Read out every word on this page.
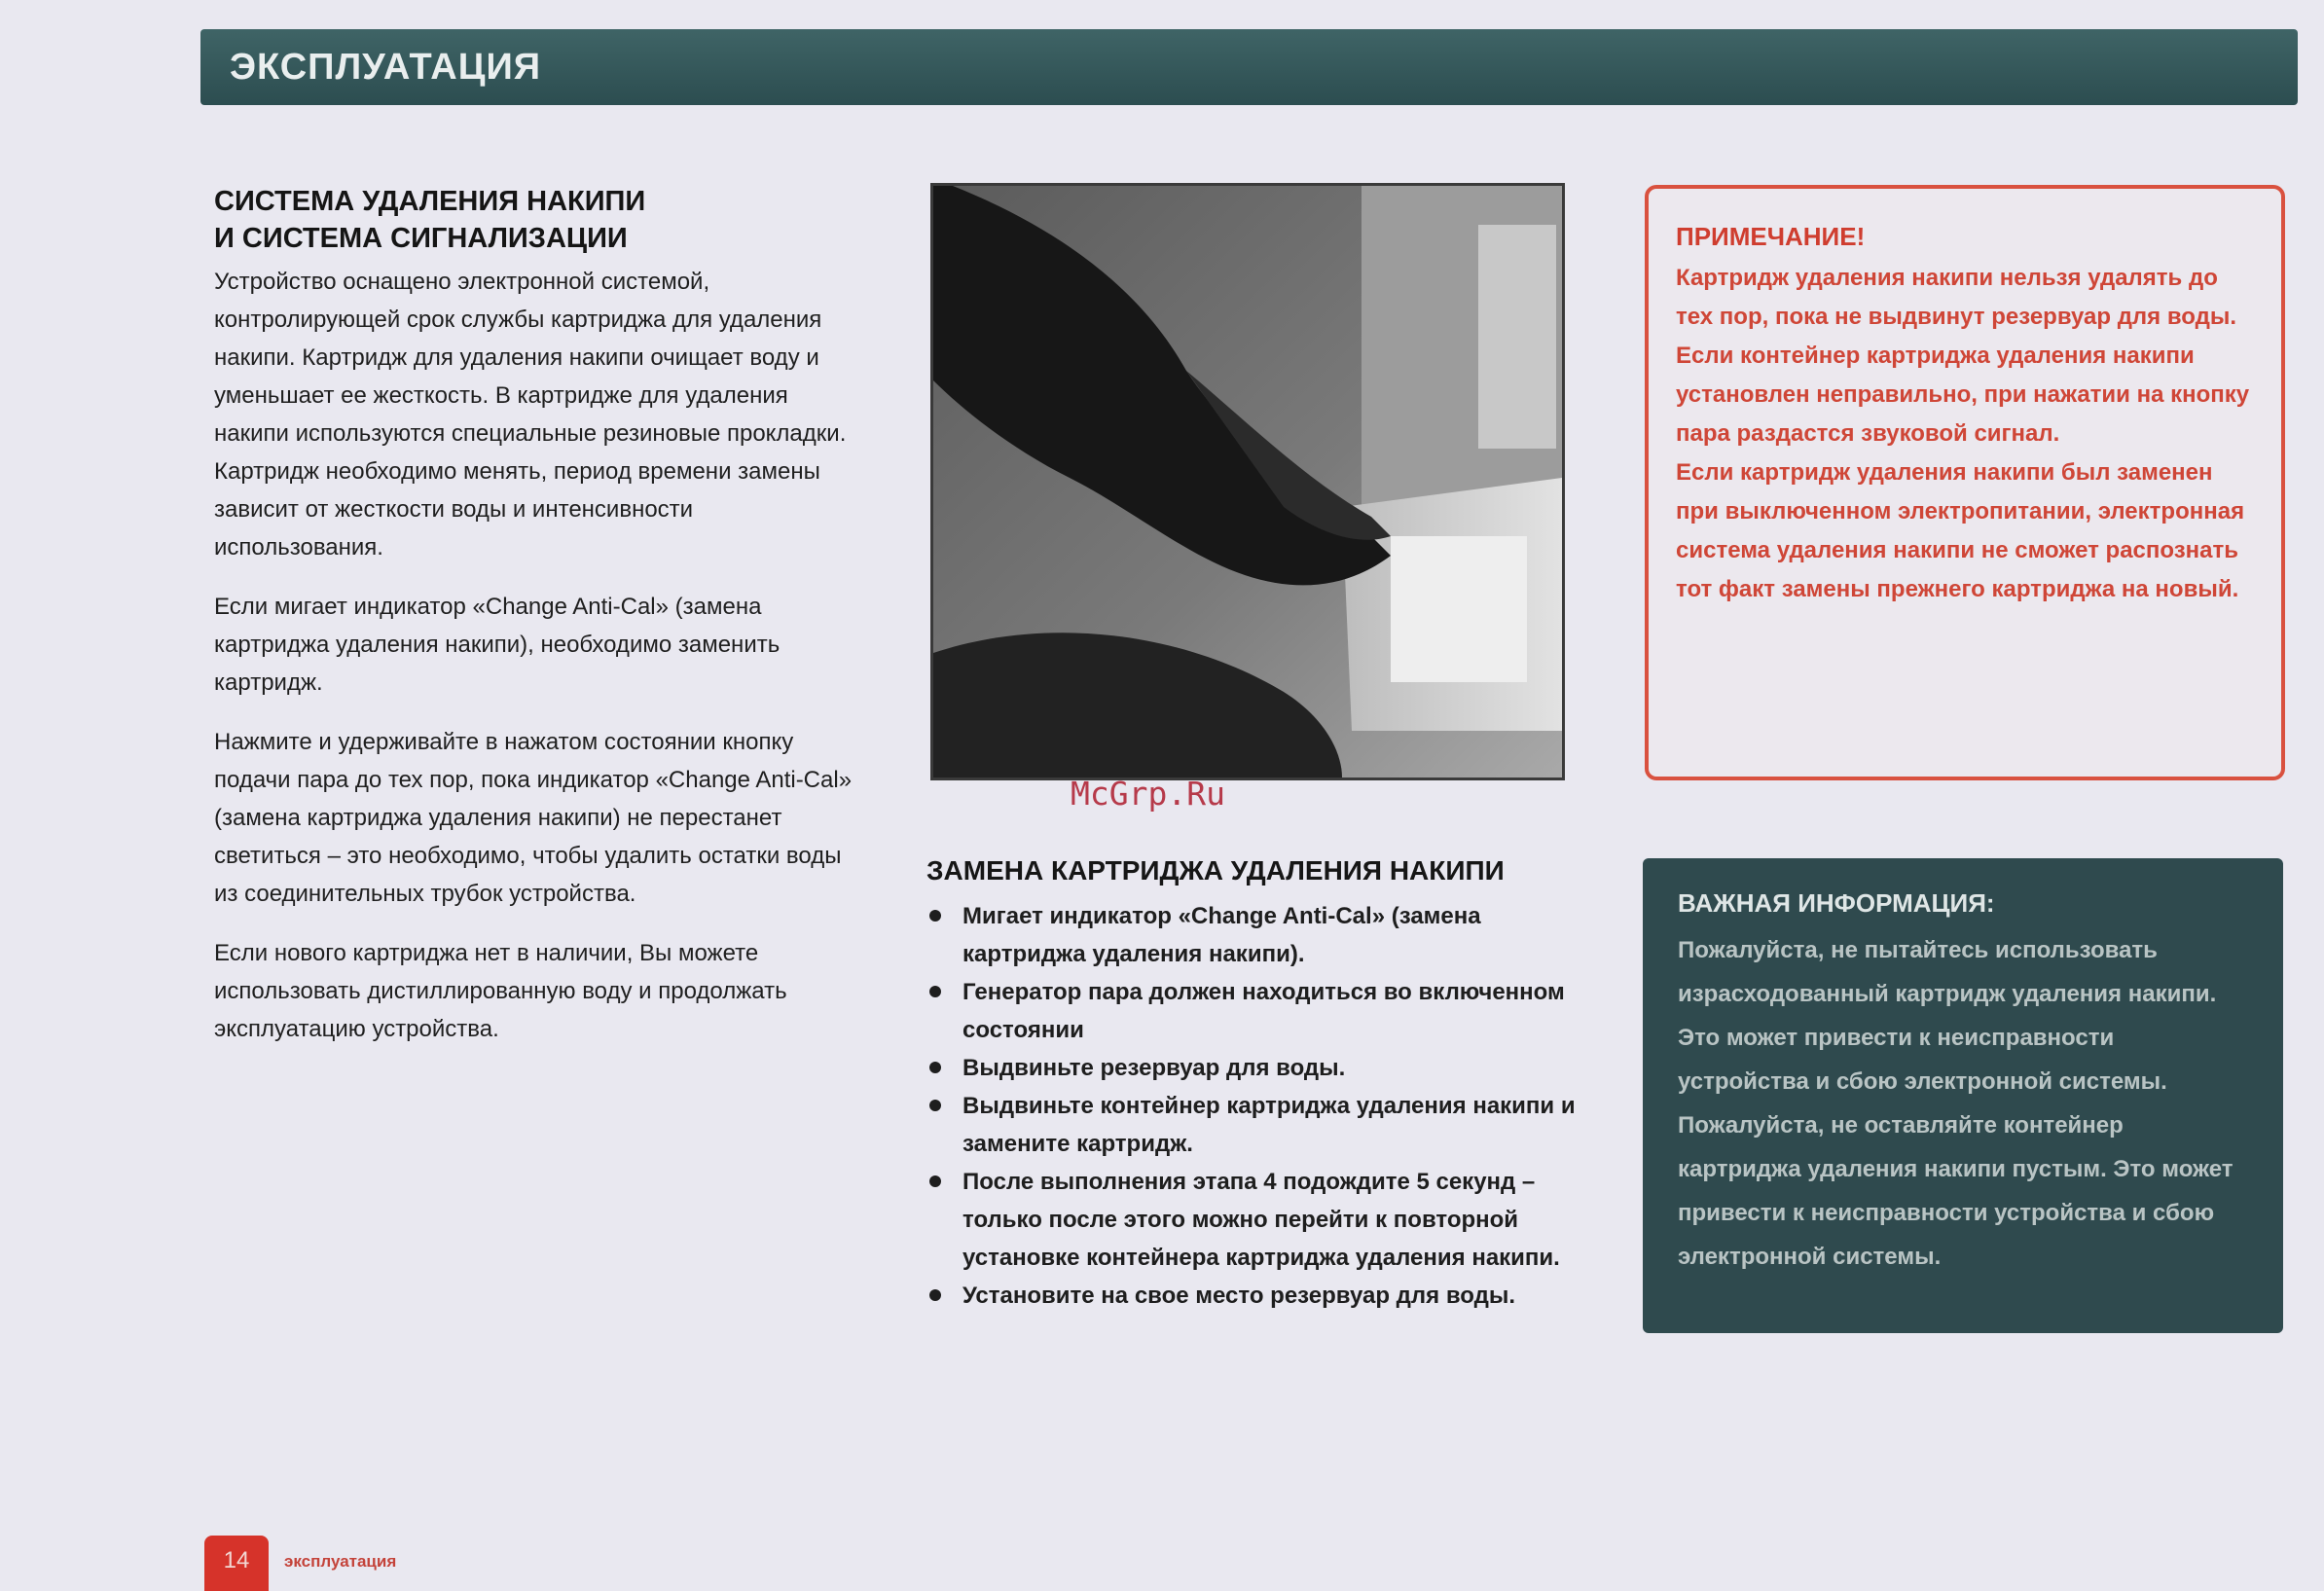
ЭКСПЛУАТАЦИЯ
СИСТЕМА УДАЛЕНИЯ НАКИПИ
И СИСТЕМА СИГНАЛИЗАЦИИ

Устройство оснащено электронной системой, контролирующей срок службы картриджа для удаления накипи. Картридж для удаления накипи очищает воду и уменьшает ее жесткость. В картридже для удаления накипи используются специальные резиновые прокладки. Картридж необходимо менять, период времени замены зависит от жесткости воды и интенсивности использования.

Если мигает индикатор «Change Anti-Cal» (замена картриджа удаления накипи), необходимо заменить картридж.

Нажмите и удерживайте в нажатом состоянии кнопку подачи пара до тех пор, пока индикатор «Change Anti-Cal» (замена картриджа удаления накипи) не перестанет светиться – это необходимо, чтобы удалить остатки воды из соединительных трубок устройства.

Если нового картриджа нет в наличии, Вы можете использовать дистиллированную воду и продолжать эксплуатацию устройства.

McGrp.Ru
ЗАМЕНА КАРТРИДЖА УДАЛЕНИЯ НАКИПИ
Мигает индикатор «Change Anti-Cal» (замена картриджа удаления накипи).
Генератор пара должен находиться во включенном состоянии
Выдвиньте резервуар для воды.
Выдвиньте контейнер картриджа удаления накипи и замените картридж.
После выполнения этапа 4 подождите 5 секунд – только после этого можно перейти к повторной установке контейнера картриджа удаления накипи.
Установите на свое место резервуар для воды.
ПРИМЕЧАНИЕ!

Картридж удаления накипи нельзя удалять до тех пор, пока не выдвинут резервуар для воды.

Если контейнер картриджа удаления накипи установлен неправильно, при нажатии на кнопку пара раздастся звуковой сигнал.

Если картридж удаления накипи был заменен при выключенном электропитании, электронная система удаления накипи не сможет распознать тот факт замены прежнего картриджа на новый.

ВАЖНАЯ ИНФОРМАЦИЯ:

Пожалуйста, не пытайтесь использовать израсходованный картридж удаления накипи. Это может привести к неисправности устройства и сбою электронной системы.

Пожалуйста, не оставляйте контейнер картриджа удаления накипи пустым. Это может привести к неисправности устройства и сбою электронной системы.

14	эксплуатация
